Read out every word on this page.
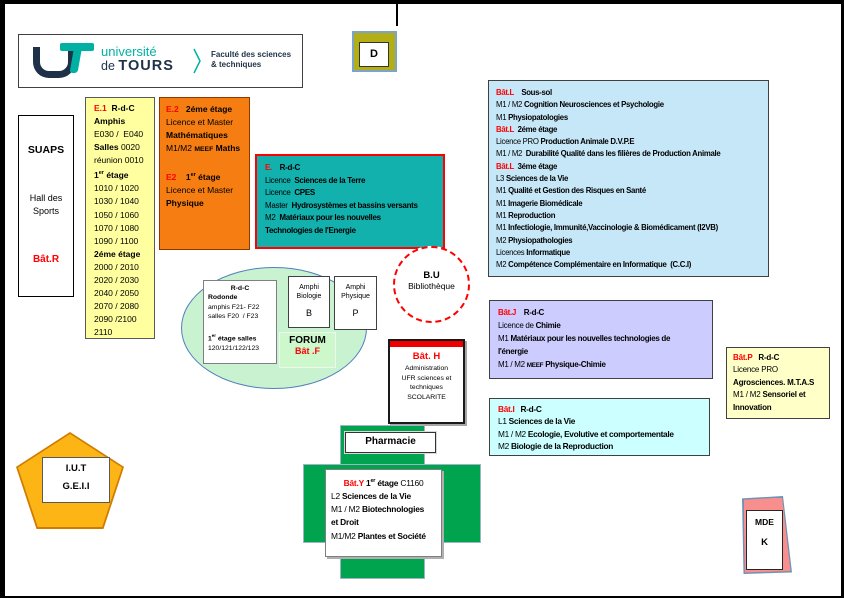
université
de TOURS
Faculté des sciences
& techniques
D
SUAPS
Hall des
Sports
Bât.R
E.1  R-d-C
Amphis
E030 /  E040
Salles 0020
réunion 0010
1er étage
1010 / 1020
1030 / 1040
1050 / 1060
1070 / 1080
1090 / 1100
2éme étage
2000 / 2010
2020 / 2030
2040 / 2050
2070 / 2080
2090 /2100
2110
E.2   2éme étage
Licence et Master
Mathématiques
M1/M2 MEEF Maths

E2    1er étage
Licence et Master
Physique
E.    R-d-C
Licence  Sciences de la Terre
Licence  CPES
Master  Hydrosystèmes et bassins versants
M2  Matériaux pour les nouvelles
Technologies de l'Energie
Bât.L    Sous-sol
M1 / M2 Cognition Neurosciences et Psychologie
M1 Physiopatologies
Bât.L  2éme étage
Licence PRO Production Animale D.V.P.E
M1 / M2  Durabilité Qualité dans les filières de Production Animale
Bât.L  3éme étage
L3 Sciences de la Vie
M1 Qualité et Gestion des Risques en Santé
M1 Imagerie Biomédicale
M1 Reproduction
M1 Infectiologie, Immunité,Vaccinologie & Biomédicament (I2VB)
M2 Physiopathologies
Licences Informatique
M2 Compétence Complémentaire en Informatique  (C.C.I)
B.U
Bibliothèque
FORUM
Bât .F
R-d-C
Rodonde
amphis F21- F22
salles F20  / F23

1er étage salles
120/121/122/123
Amphi
Biologie
B
Amphi
Physique
P
Bât. H
Administration
UFR sciences et
techniques
SCOLARITE
Pharmacie
Bât.Y 1er étage C1160
L2 Sciences de la Vie
M1 / M2 Biotechnologies
et Droit
M1/M2 Plantes et Société
Bât.J    R-d-C
Licence de Chimie
M1 Matériaux pour les nouvelles technologies de
l'énergie
M1 / M2 MEEF Physique-Chimie
Bât.P   R-d-C
Licence PRO
Agrosciences. M.T.A.S
M1 / M2 Sensoriel et
Innovation
Bât.I   R-d-C
L1 Sciences de la Vie
M1 / M2 Ecologie, Evolutive et comportementale
M2 Biologie de la Reproduction
I.U.T
G.E.I.I
MDE
K
